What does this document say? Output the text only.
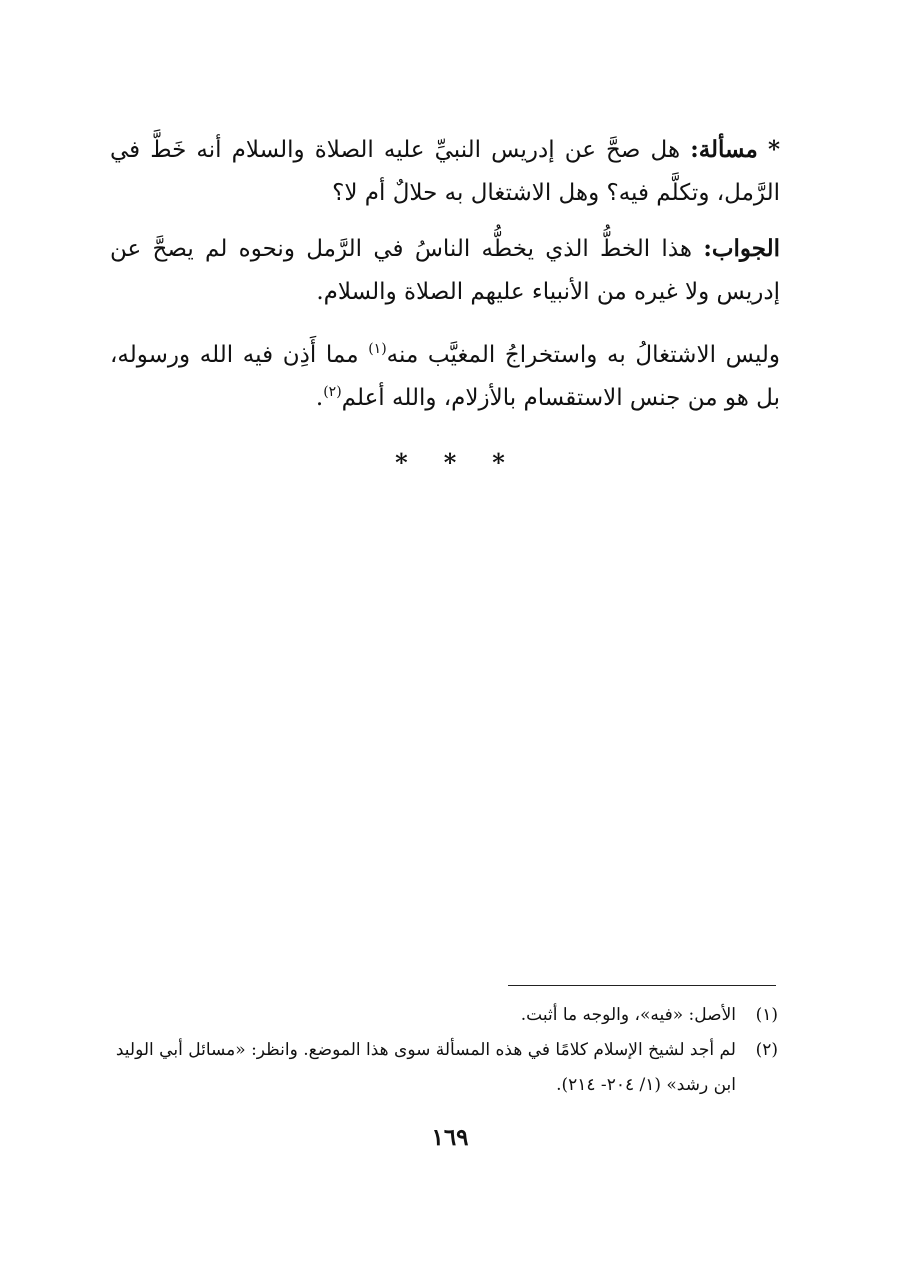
* مسألة: هل صحَّ عن إدريس النبيِّ عليه الصلاة والسلام أنه خَطَّ في الرَّمل، وتكلَّم فيه؟ وهل الاشتغال به حلالٌ أم لا؟

الجواب: هذا الخطُّ الذي يخطُّه الناسُ في الرَّمل ونحوه لم يصحَّ عن إدريس ولا غيره من الأنبياء عليهم الصلاة والسلام.

وليس الاشتغالُ به واستخراجُ المغيَّب منه$^{(١)}$ مما أَذِن فيه الله ورسوله، بل هو من جنس الاستقسام بالأزلام، والله أعلم$^{(٢)}$.

***
(١)
الأصل: «فيه»، والوجه ما أثبت.
(٢)
لم أجد لشيخ الإسلام كلامًا في هذه المسألة سوى هذا الموضع. وانظر: «مسائل أبي الوليد ابن رشد» (١/ ٢٠٤- ٢١٤).
١٦٩
